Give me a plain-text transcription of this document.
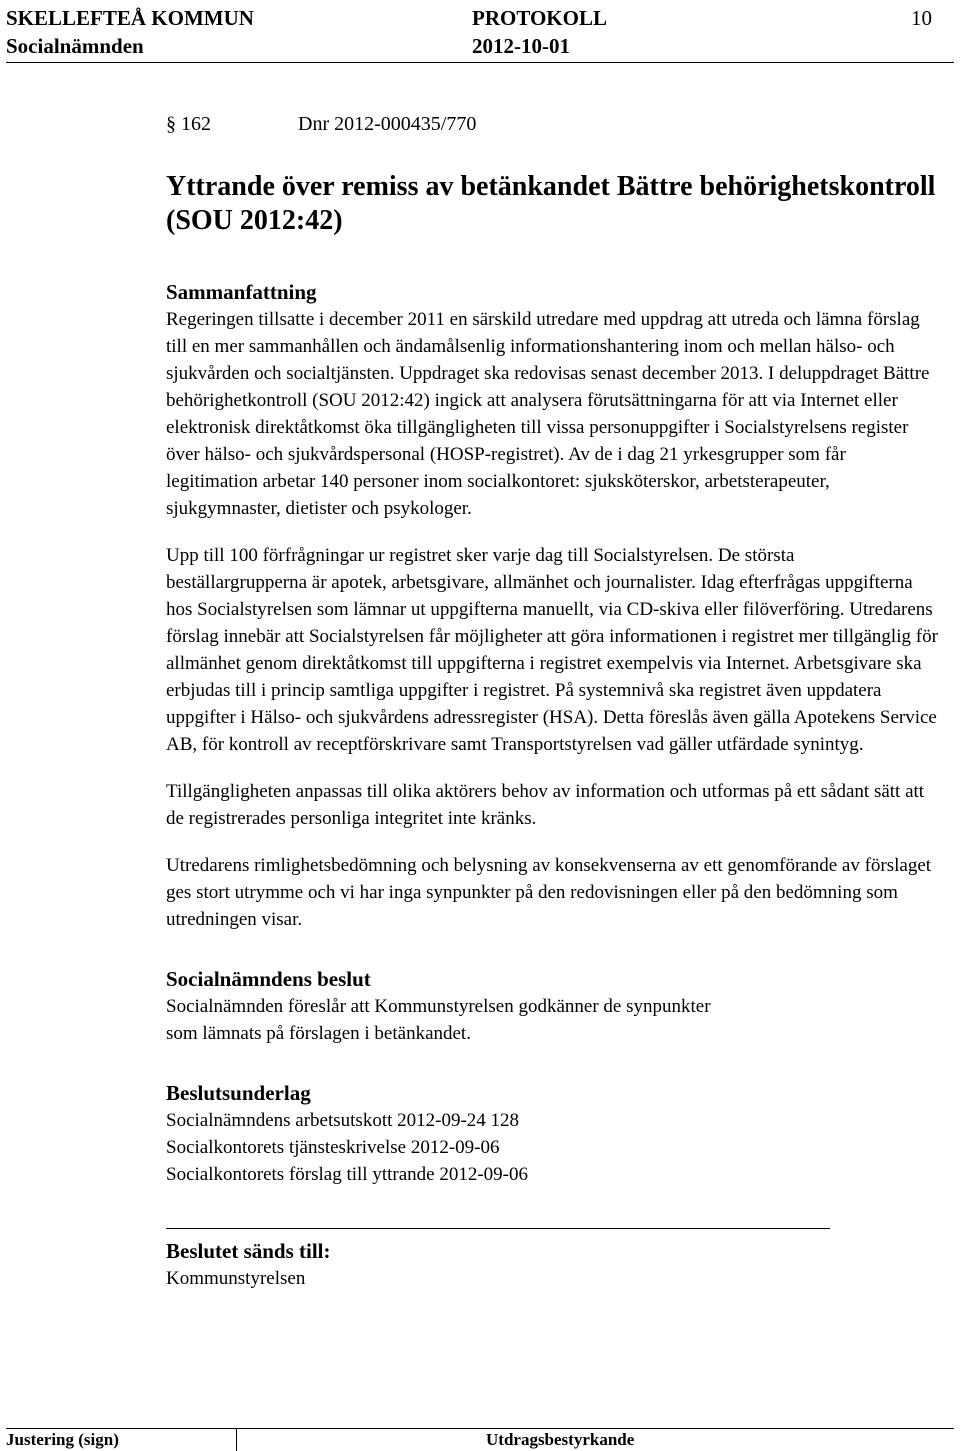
SKELLEFTEÅ KOMMUN	PROTOKOLL	10
Socialnämnden	2012-10-01
§ 162	Dnr 2012-000435/770
Yttrande över remiss av betänkandet Bättre behörighetskontroll (SOU 2012:42)
Sammanfattning

Regeringen tillsatte i december 2011 en särskild utredare med uppdrag att utreda och lämna förslag till en mer sammanhållen och ändamålsenlig informationshantering inom och mellan hälso- och sjukvården och socialtjänsten. Uppdraget ska redovisas senast december 2013. I deluppdraget Bättre behörighetkontroll (SOU 2012:42) ingick att analysera förutsättningarna för att via Internet eller elektronisk direktåtkomst öka tillgängligheten till vissa personuppgifter i Socialstyrelsens register över hälso- och sjukvårdspersonal (HOSP-registret). Av de i dag 21 yrkesgrupper som får legitimation arbetar 140 personer inom socialkontoret: sjuksköterskor, arbetsterapeuter, sjukgymnaster, dietister och psykologer.

Upp till 100 förfrågningar ur registret sker varje dag till Socialstyrelsen. De största beställargrupperna är apotek, arbetsgivare, allmänhet och journalister. Idag efterfrågas uppgifterna hos Socialstyrelsen som lämnar ut uppgifterna manuellt, via CD-skiva eller filöverföring. Utredarens förslag innebär att Socialstyrelsen får möjligheter att göra informationen i registret mer tillgänglig för allmänhet genom direktåtkomst till uppgifterna i registret exempelvis via Internet. Arbetsgivare ska erbjudas till i princip samtliga uppgifter i registret. På systemnivå ska registret även uppdatera uppgifter i Hälso- och sjukvårdens adressregister (HSA). Detta föreslås även gälla Apotekens Service AB, för kontroll av receptförskrivare samt Transportstyrelsen vad gäller utfärdade synintyg.

Tillgängligheten anpassas till olika aktörers behov av information och utformas på ett sådant sätt att de registrerades personliga integritet inte kränks.

Utredarens rimlighetsbedömning och belysning av konsekvenserna av ett genomförande av förslaget ges stort utrymme och vi har inga synpunkter på den redovisningen eller på den bedömning som utredningen visar.

Socialnämndens beslut

Socialnämnden föreslår att Kommunstyrelsen godkänner de synpunkter

som lämnats på förslagen i betänkandet.

Beslutsunderlag

Socialnämndens arbetsutskott 2012-09-24 128

Socialkontorets tjänsteskrivelse 2012-09-06

Socialkontorets förslag till yttrande 2012-09-06

Beslutet sänds till:

Kommunstyrelsen

Justering (sign)	Utdragsbestyrkande
